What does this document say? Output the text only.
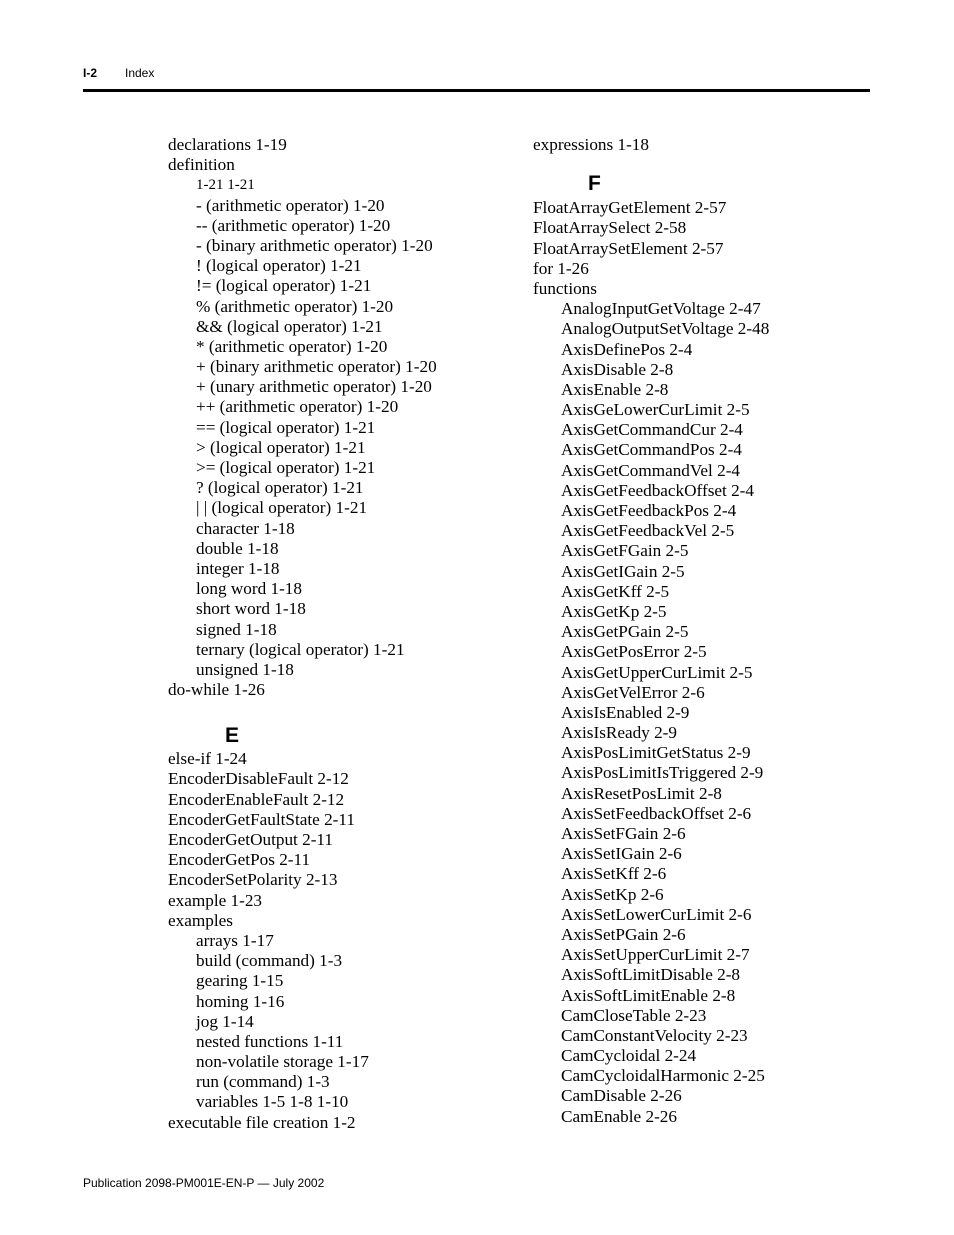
I-2 Index
declarations 1-19
definition
1-21 1-21
- (arithmetic operator) 1-20
-- (arithmetic operator) 1-20
- (binary arithmetic operator) 1-20
! (logical operator) 1-21
!= (logical operator) 1-21
% (arithmetic operator) 1-20
&& (logical operator) 1-21
* (arithmetic operator) 1-20
+ (binary arithmetic operator) 1-20
+ (unary arithmetic operator) 1-20
++ (arithmetic operator) 1-20
== (logical operator) 1-21
> (logical operator) 1-21
>= (logical operator) 1-21
? (logical operator) 1-21
| | (logical operator) 1-21
character 1-18
double 1-18
integer 1-18
long word 1-18
short word 1-18
signed 1-18
ternary (logical operator) 1-21
unsigned 1-18
do-while 1-26
E
else-if 1-24
EncoderDisableFault 2-12
EncoderEnableFault 2-12
EncoderGetFaultState 2-11
EncoderGetOutput 2-11
EncoderGetPos 2-11
EncoderSetPolarity 2-13
example 1-23
examples
arrays 1-17
build (command) 1-3
gearing 1-15
homing 1-16
jog 1-14
nested functions 1-11
non-volatile storage 1-17
run (command) 1-3
variables 1-5 1-8 1-10
executable file creation 1-2
expressions 1-18
F
FloatArrayGetElement 2-57
FloatArraySelect 2-58
FloatArraySetElement 2-57
for 1-26
functions
AnalogInputGetVoltage 2-47
AnalogOutputSetVoltage 2-48
AxisDefinePos 2-4
AxisDisable 2-8
AxisEnable 2-8
AxisGeLowerCurLimit 2-5
AxisGetCommandCur 2-4
AxisGetCommandPos 2-4
AxisGetCommandVel 2-4
AxisGetFeedbackOffset 2-4
AxisGetFeedbackPos 2-4
AxisGetFeedbackVel 2-5
AxisGetFGain 2-5
AxisGetIGain 2-5
AxisGetKff 2-5
AxisGetKp 2-5
AxisGetPGain 2-5
AxisGetPosError 2-5
AxisGetUpperCurLimit 2-5
AxisGetVelError 2-6
AxisIsEnabled 2-9
AxisIsReady 2-9
AxisPosLimitGetStatus 2-9
AxisPosLimitIsTriggered 2-9
AxisResetPosLimit 2-8
AxisSetFeedbackOffset 2-6
AxisSetFGain 2-6
AxisSetIGain 2-6
AxisSetKff 2-6
AxisSetKp 2-6
AxisSetLowerCurLimit 2-6
AxisSetPGain 2-6
AxisSetUpperCurLimit 2-7
AxisSoftLimitDisable 2-8
AxisSoftLimitEnable 2-8
CamCloseTable 2-23
CamConstantVelocity 2-23
CamCycloidal 2-24
CamCycloidalHarmonic 2-25
CamDisable 2-26
CamEnable 2-26
Publication 2098-PM001E-EN-P — July 2002
